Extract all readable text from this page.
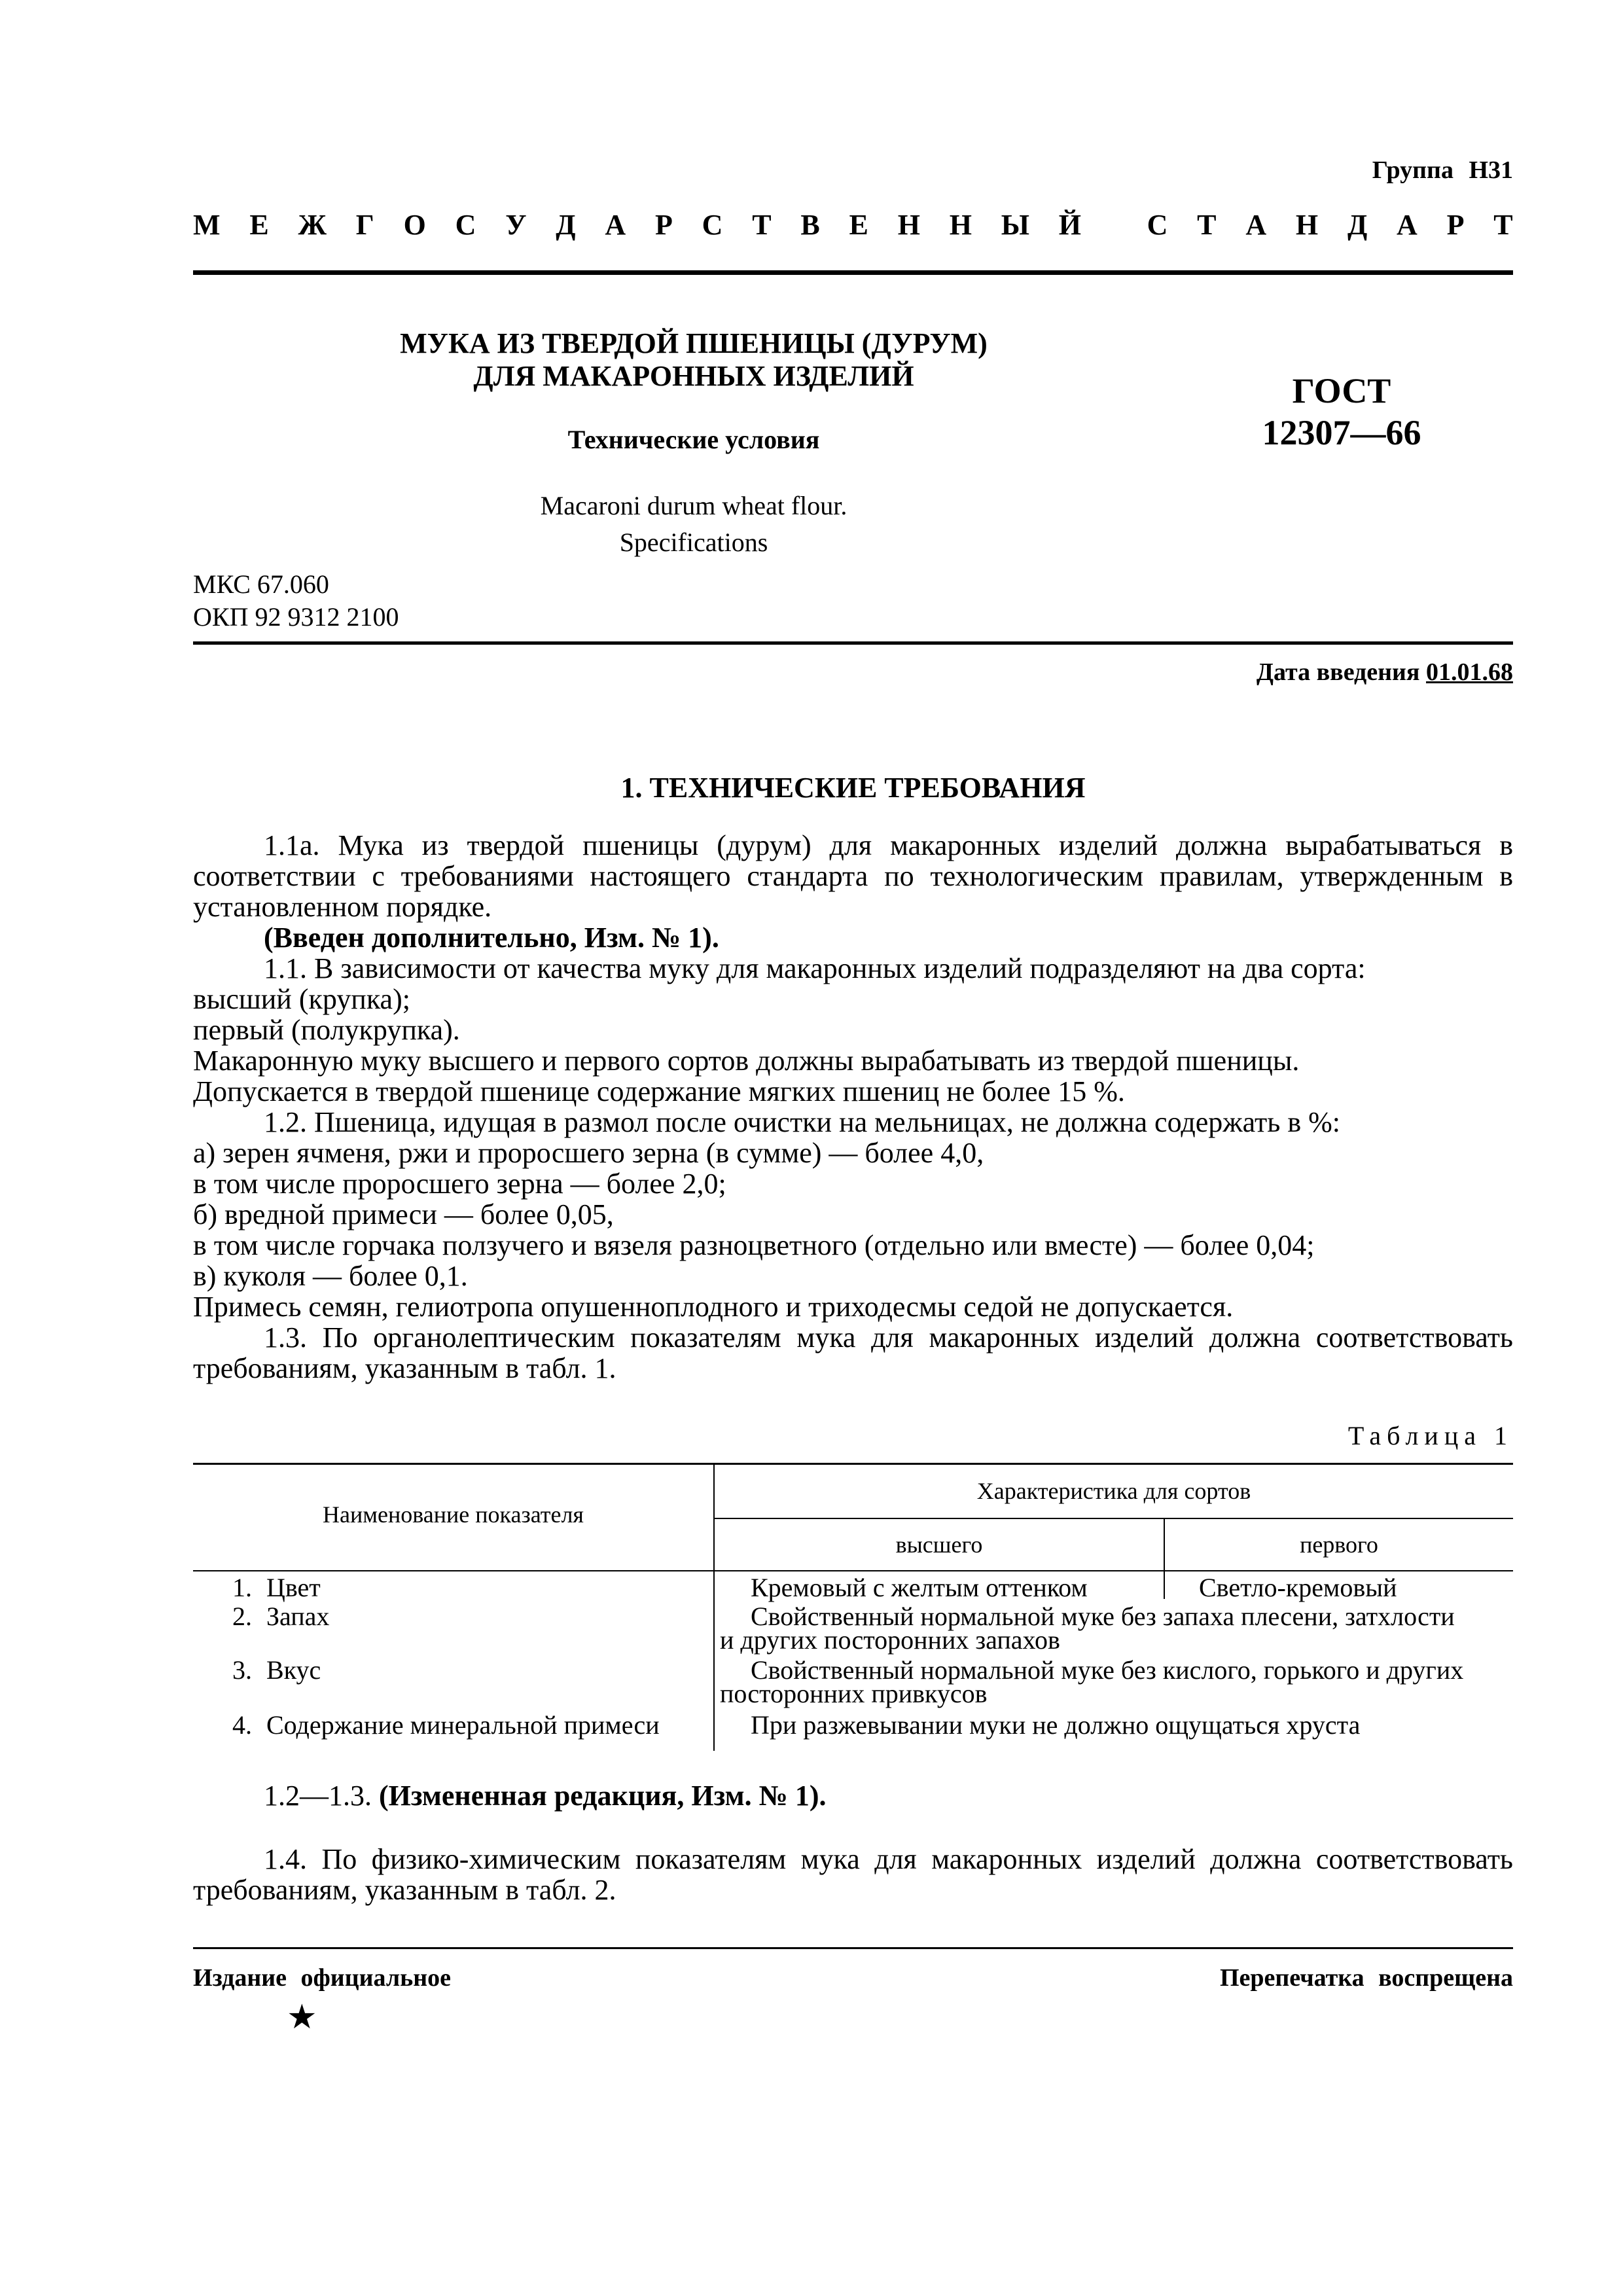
Группа Н31
М Е Ж Г О С У Д А Р С Т В Е Н Н Ы Й
С Т А Н Д А Р Т
МУКА ИЗ ТВЕРДОЙ ПШЕНИЦЫ (ДУРУМ)
ДЛЯ МАКАРОННЫХ ИЗДЕЛИЙ
Технические условия
Macaroni durum wheat flour.
Specifications
ГОСТ
12307—66
МКС 67.060
ОКП 92 9312 2100
Дата введения 01.01.68
1. ТЕХНИЧЕСКИЕ ТРЕБОВАНИЯ

1.1а. Мука из твердой пшеницы (дурум) для макаронных изделий должна вырабатываться в соответствии с требованиями настоящего стандарта по технологическим правилам, утвержденным в установленном порядке.

(Введен дополнительно, Изм. № 1).

1.1. В зависимости от качества муку для макаронных изделий подразделяют на два сорта:

высший (крупка);

первый (полукрупка).

Макаронную муку высшего и первого сортов должны вырабатывать из твердой пшеницы.

Допускается в твердой пшенице содержание мягких пшениц не более 15 %.

1.2. Пшеница, идущая в размол после очистки на мельницах, не должна содержать в %:

а) зерен ячменя, ржи и проросшего зерна (в сумме) — более 4,0,

в том числе проросшего зерна — более 2,0;

б) вредной примеси — более 0,05,

в том числе горчака ползучего и вязеля разноцветного (отдельно или вместе) — более 0,04;

в) куколя — более 0,1.

Примесь семян, гелиотропа опушенноплодного и триходесмы седой не допускается.

1.3. По органолептическим показателям мука для макаронных изделий должна соответствовать требованиям, указанным в табл. 1.

Таблица 1
Наименование показателя
Характеристика для сортов
высшего	первого
1. Цвет	Кремовый с желтым оттенком	Светло-кремовый
2. Запах	Свойственный нормальной муке без запаха плесени, затхлости
и других посторонних запахов
3. Вкус	Свойственный нормальной муке без кислого, горького и других
посторонних привкусов
4. Содержание минеральной примеси	При разжевывании муки не должно ощущаться хруста

1.2—1.3. (Измененная редакция, Изм. № 1).

1.4. По физико-химическим показателям мука для макаронных изделий должна соответствовать требованиям, указанным в табл. 2.

Издание официальное	Перепечатка воспрещена
★
